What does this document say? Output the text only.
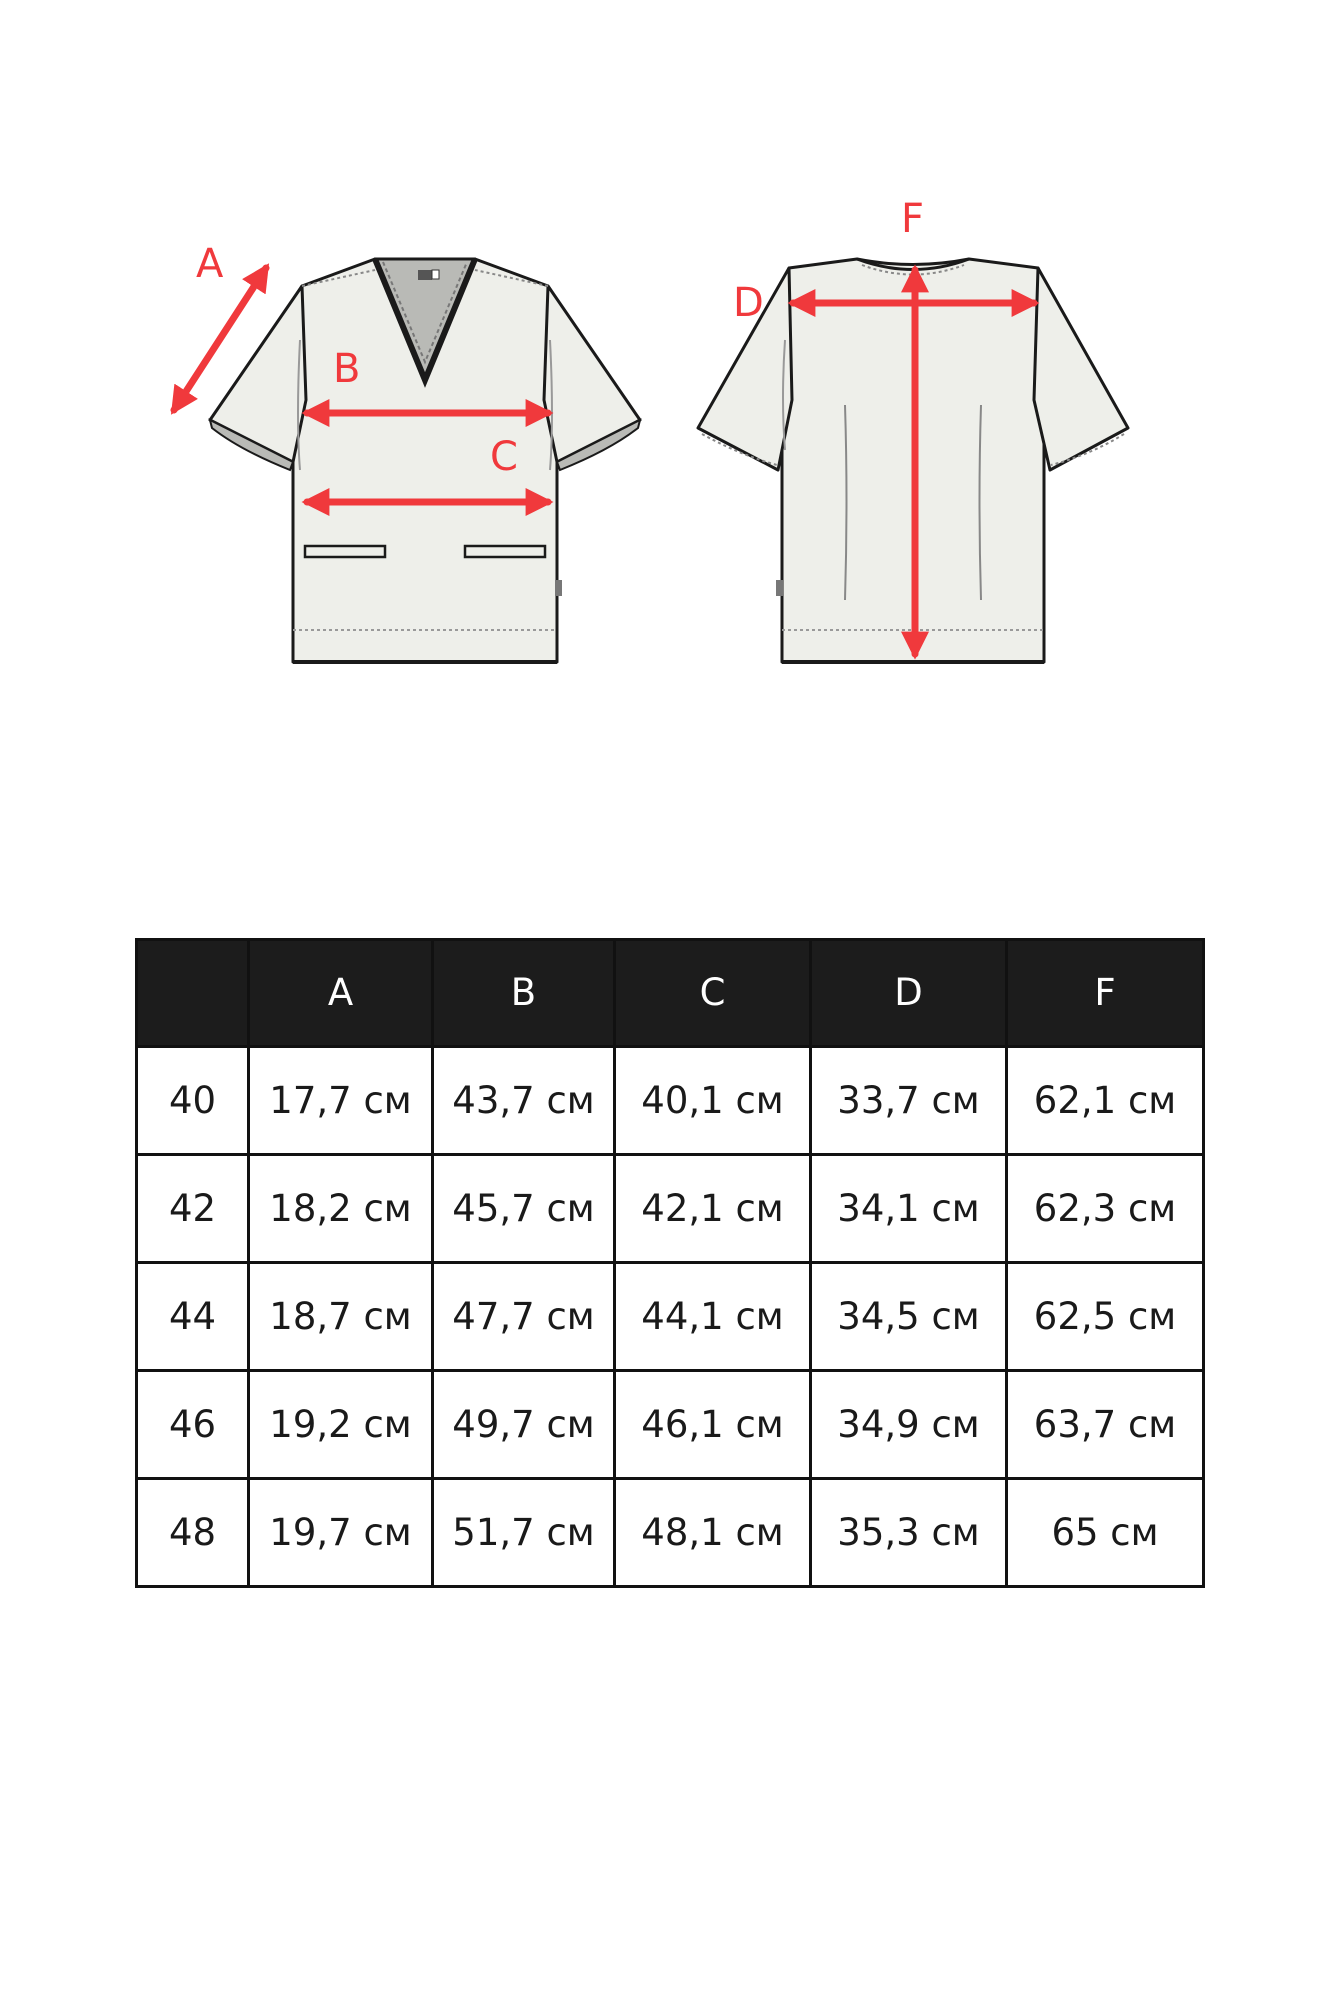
A
B
C
D
F
	A	B	C	D	F
40	17,7 см	43,7 см	40,1 см	33,7 см	62,1 см
42	18,2 см	45,7 см	42,1 см	34,1 см	62,3 см
44	18,7 см	47,7 см	44,1 см	34,5 см	62,5 см
46	19,2 см	49,7 см	46,1 см	34,9 см	63,7 см
48	19,7 см	51,7 см	48,1 см	35,3 см	65 см
